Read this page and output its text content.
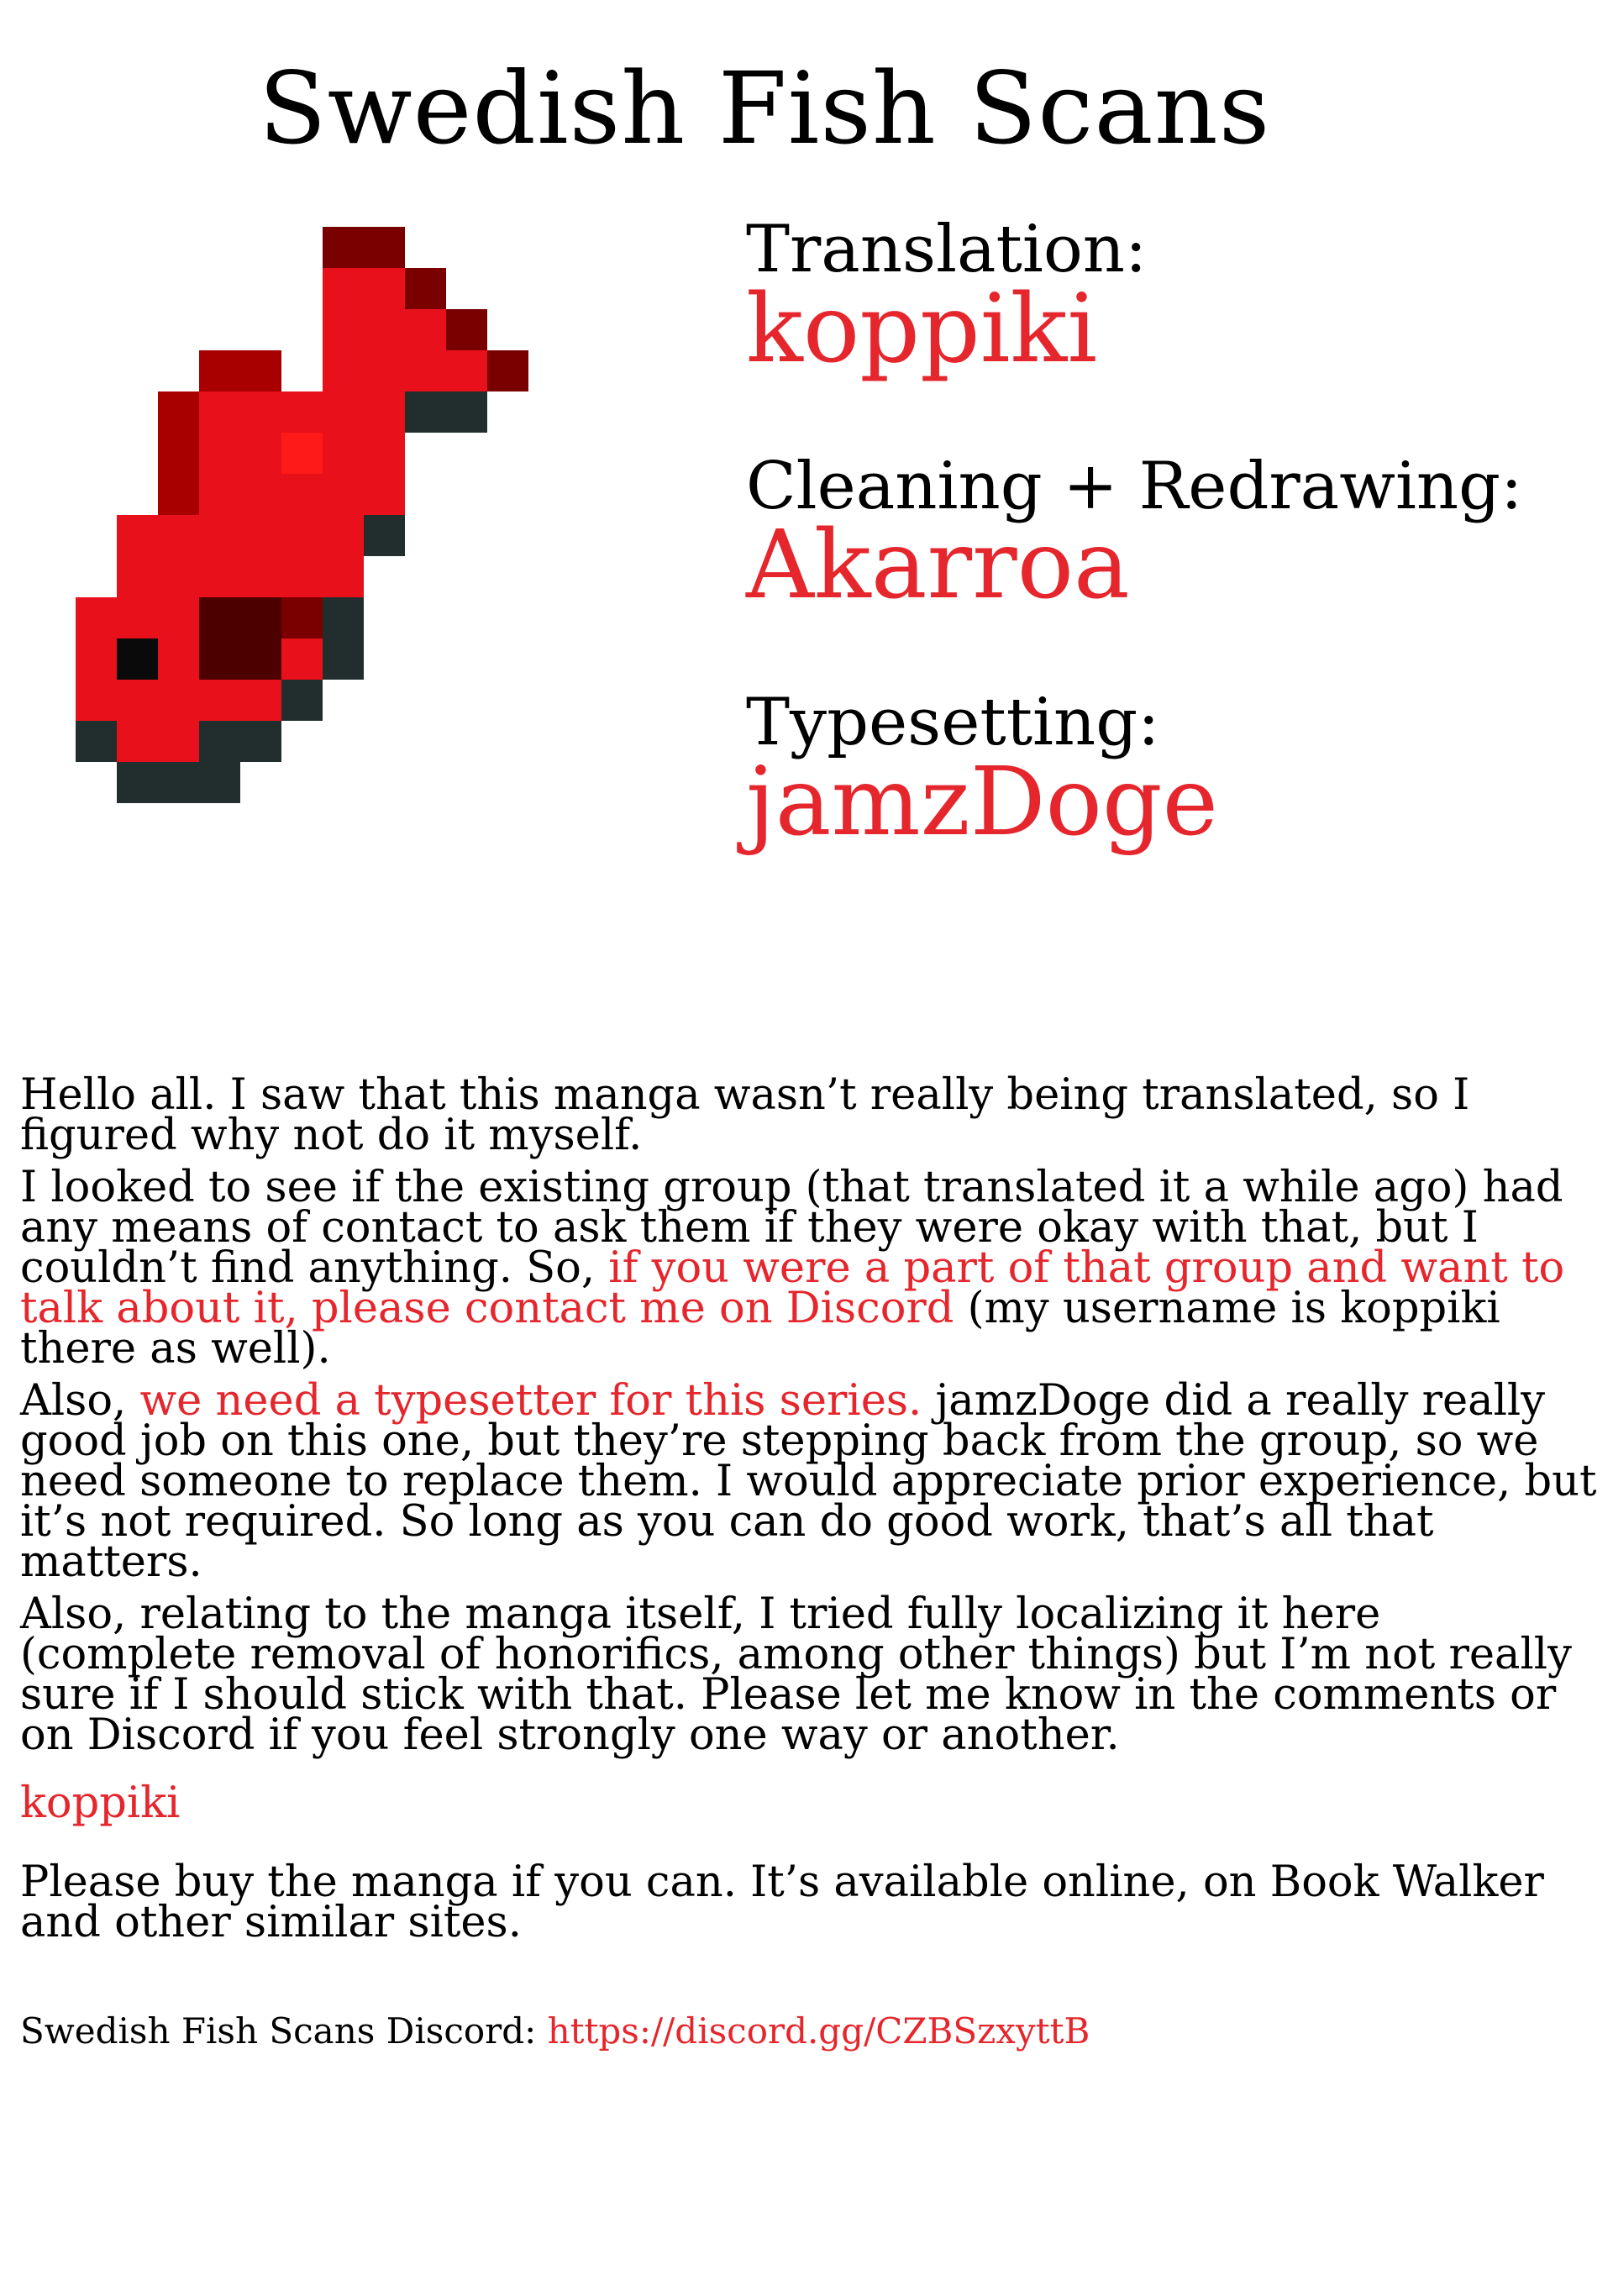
Swedish Fish Scans
Translation:
koppiki
Cleaning + Redrawing:
Akarroa
Typesetting:
jamzDoge

Hello all. I saw that this manga wasn’t really being translated, so I figured why not do it myself.

I looked to see if the existing group (that translated it a while ago) had any means of contact to ask them if they were okay with that, but I couldn’t find anything. So, if you were a part of that group and want to talk about it, please contact me on Discord (my username is koppiki there as well).

Also, we need a typesetter for this series. jamzDoge did a really really good job on this one, but they’re stepping back from the group, so we need someone to replace them. I would appreciate prior experience, but it’s not required. So long as you can do good work, that’s all that matters.

Also, relating to the manga itself, I tried fully localizing it here (complete removal of honorifics, among other things) but I’m not really sure if I should stick with that. Please let me know in the comments or on Discord if you feel strongly one way or another.

koppiki
Please buy the manga if you can. It’s available online, on Book Walker and other similar sites.
Swedish Fish Scans Discord: https://discord.gg/CZBSzxyttB
